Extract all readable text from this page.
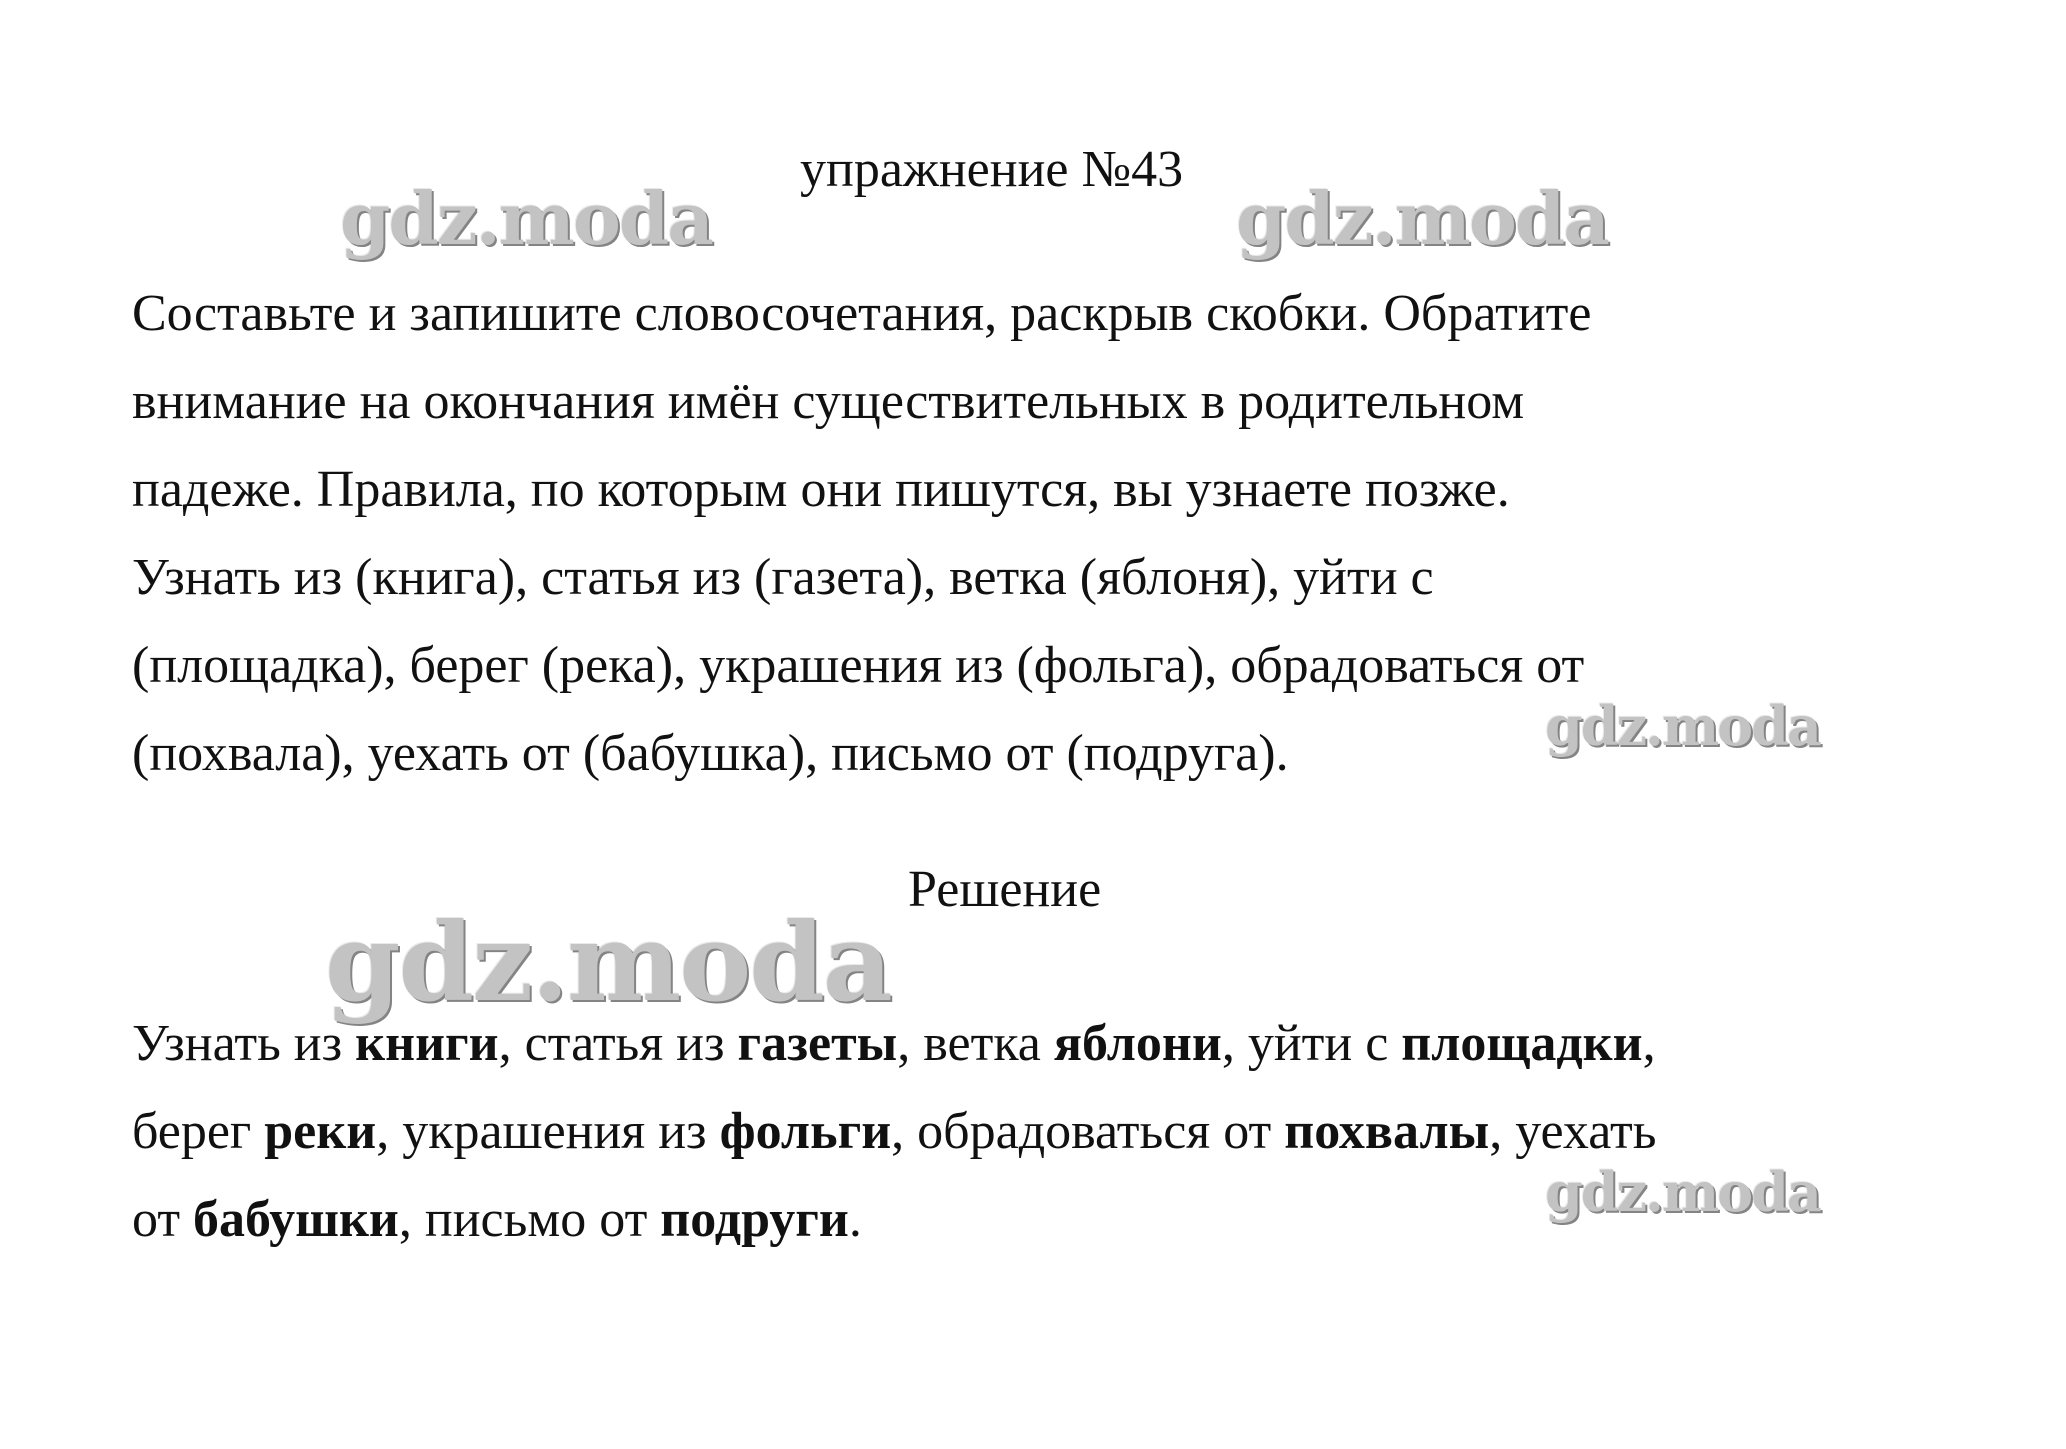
упражнение №43
Составьте и запишите словосочетания, раскрыв скобки. Обратите
внимание на окончания имён существительных в родительном
падеже. Правила, по которым они пишутся, вы узнаете позже.
Узнать из (книга), статья из (газета), ветка (яблоня), уйти с
(площадка), берег (река), украшения из (фольга), обрадоваться от
(похвала), уехать от (бабушка), письмо от (подруга).
Решение
Узнать из книги, статья из газеты, ветка яблони, уйти с площадки,
берег реки, украшения из фольги, обрадоваться от похвалы, уехать
от бабушки, письмо от подруги.
gdz.moda	gdz.moda
gdz.moda
gdz.moda
gdz.moda
